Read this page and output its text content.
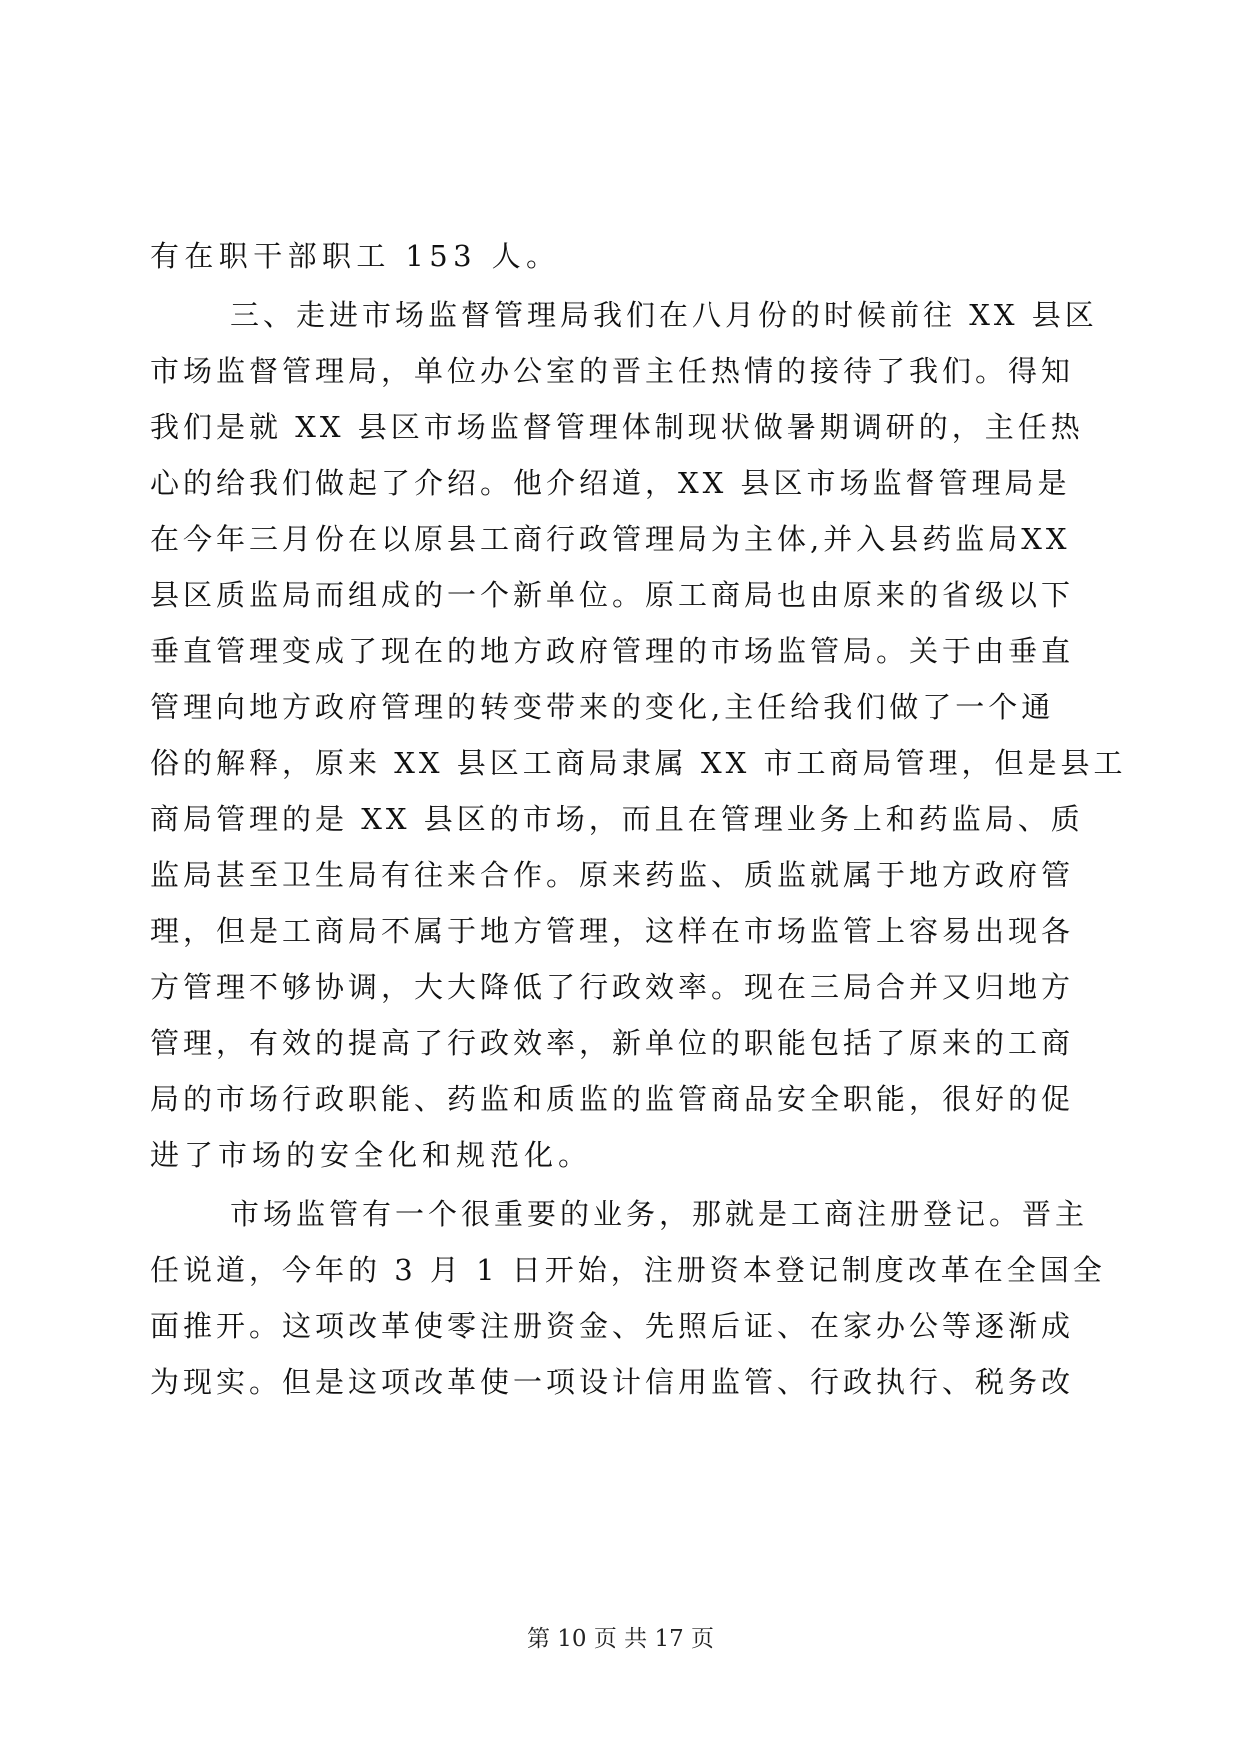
有在职干部职工 153 人。
三、走进市场监督管理局我们在八月份的时候前往 XX 县区
市场监督管理局，单位办公室的晋主任热情的接待了我们。得知
我们是就 XX 县区市场监督管理体制现状做暑期调研的，主任热
心的给我们做起了介绍。他介绍道，XX 县区市场监督管理局是
在今年三月份在以原县工商行政管理局为主体,并入县药监局XX
县区质监局而组成的一个新单位。原工商局也由原来的省级以下
垂直管理变成了现在的地方政府管理的市场监管局。关于由垂直
管理向地方政府管理的转变带来的变化,主任给我们做了一个通
俗的解释，原来 XX 县区工商局隶属 XX 市工商局管理，但是县工
商局管理的是 XX 县区的市场，而且在管理业务上和药监局、质
监局甚至卫生局有往来合作。原来药监、质监就属于地方政府管
理，但是工商局不属于地方管理，这样在市场监管上容易出现各
方管理不够协调，大大降低了行政效率。现在三局合并又归地方
管理，有效的提高了行政效率，新单位的职能包括了原来的工商
局的市场行政职能、药监和质监的监管商品安全职能，很好的促
进了市场的安全化和规范化。
市场监管有一个很重要的业务，那就是工商注册登记。晋主
任说道，今年的 3 月 1 日开始，注册资本登记制度改革在全国全
面推开。这项改革使零注册资金、先照后证、在家办公等逐渐成
为现实。但是这项改革使一项设计信用监管、行政执行、税务改
第 10 页 共 17 页
